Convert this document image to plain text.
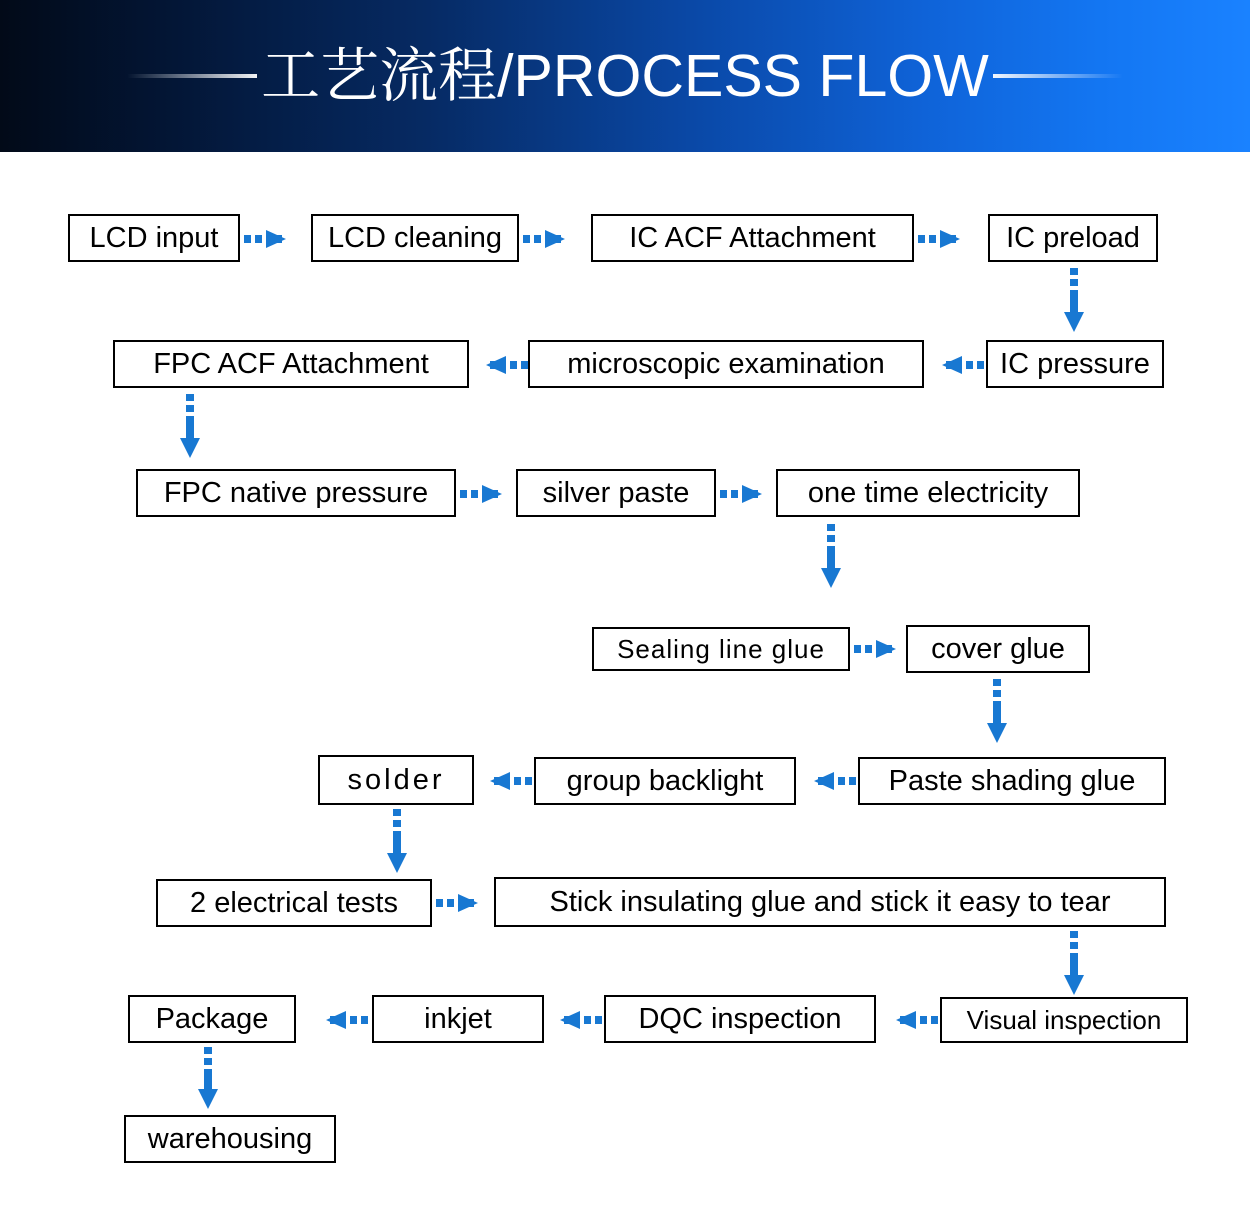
工艺流程/PROCESS FLOW
LCD input	LCD cleaning	IC ACF Attachment	IC preload
IC pressure
microscopic examination
FPC ACF Attachment
FPC native pressure	silver paste	one time electricity
Sealing line glue	cover glue
Paste shading glue
group backlight
solder
2 electrical tests	Stick insulating glue and stick it easy to tear
Visual inspection
DQC inspection
inkjet
Package
warehousing
